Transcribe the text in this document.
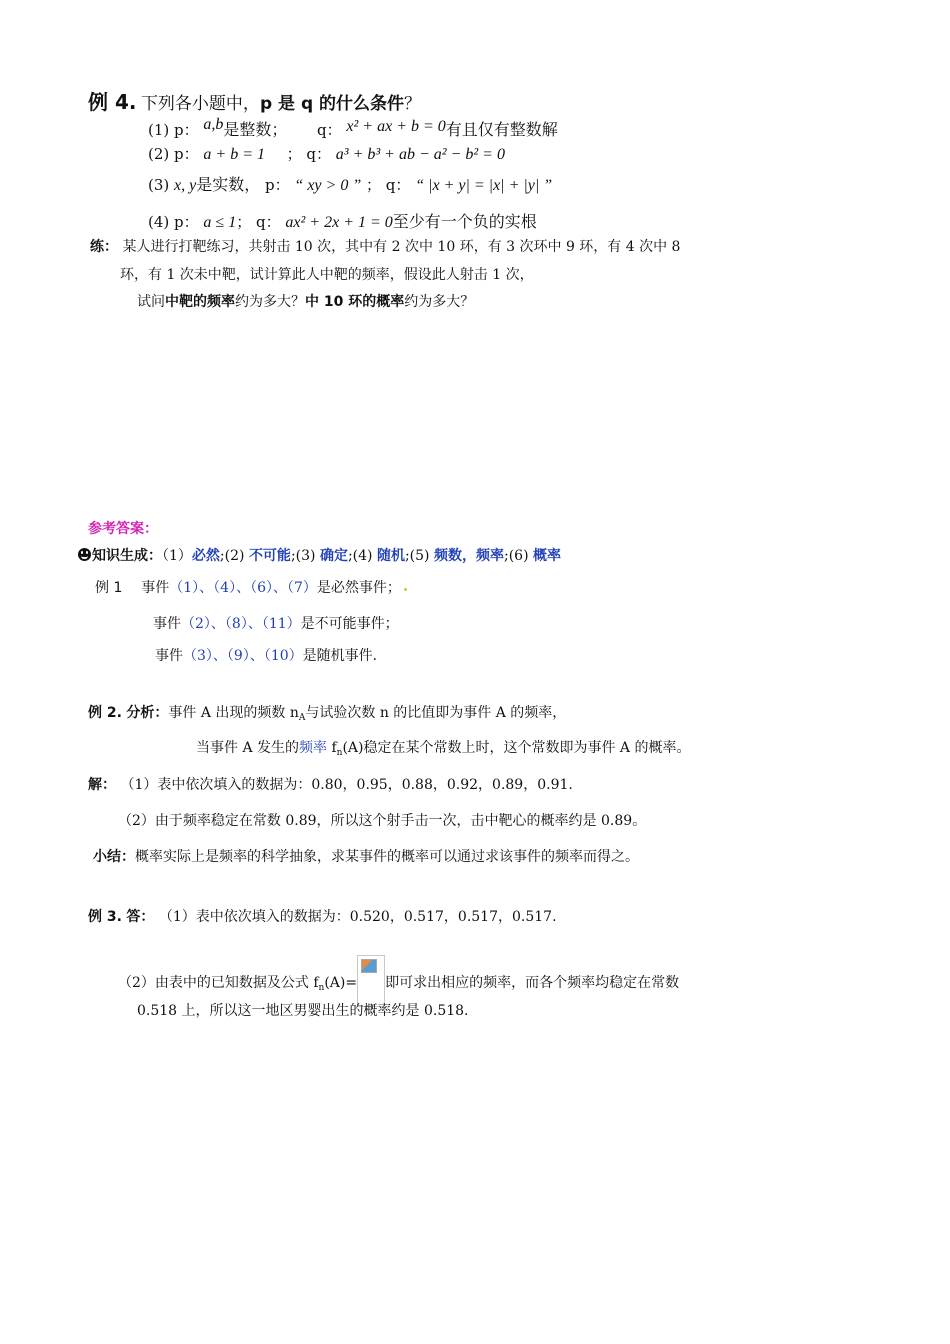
例 4. 下列各小题中，p 是 q 的什么条件？
(1) p： a,b是整数； q： x² + ax + b = 0有且仅有整数解
(2) p： a + b = 1 ； q： a³ + b³ + ab − a² − b² = 0
(3) x, y是实数， p： “ xy > 0 ” ； q： “ |x + y| = |x| + |y| ”
(4) p： a ≤ 1； q： ax² + 2x + 1 = 0至少有一个负的实根
练： 某人进行打靶练习，共射击 10 次，其中有 2 次中 10 环，有 3 次环中 9 环，有 4 次中 8
环，有 1 次未中靶，试计算此人中靶的频率，假设此人射击 1 次，
试问中靶的频率约为多大？中 10 环的概率约为多大？
参考答案：
知识生成：（1）必然;(2) 不可能;(3) 确定;(4) 随机;(5) 频数，频率;(6) 概率
例 1 事件（1）、（4）、（6）、（7）是必然事件；
事件（2）、（8）、（11）是不可能事件；
事件（3）、（9）、（10）是随机事件.
例 2. 分析：事件 A 出现的频数 $n_A$与试验次数 n 的比值即为事件 A 的频率，
当事件 A 发生的频率 $f_n(A)$稳定在某个常数上时，这个常数即为事件 A 的概率。
解： （1）表中依次填入的数据为：0.80，0.95，0.88，0.92，0.89，0.91.
（2）由于频率稳定在常数 0.89，所以这个射手击一次，击中靶心的概率约是 0.89。
小结：概率实际上是频率的科学抽象，求某事件的概率可以通过求该事件的频率而得之。
例 3. 答： （1）表中依次填入的数据为：0.520，0.517，0.517，0.517.
（2）由表中的已知数据及公式 $f_n(A)=$ 即可求出相应的频率，而各个频率均稳定在常数
0.518 上，所以这一地区男婴出生的概率约是 0.518.
